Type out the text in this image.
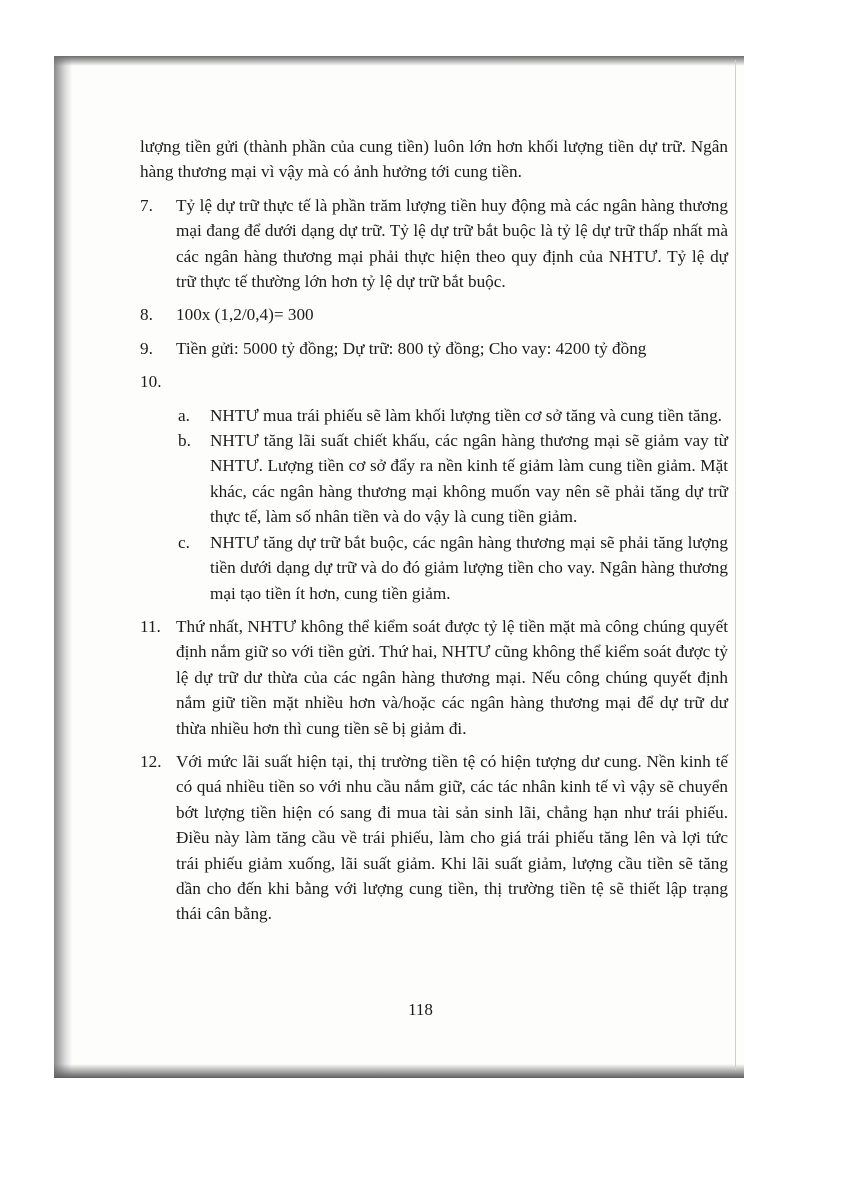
lượng tiền gửi (thành phần của cung tiền) luôn lớn hơn khối lượng tiền dự trữ. Ngân hàng thương mại vì vậy mà có ảnh hưởng tới cung tiền.
7.	Tỷ lệ dự trữ thực tế là phần trăm lượng tiền huy động mà các ngân hàng thương mại đang để dưới dạng dự trữ. Tỷ lệ dự trữ bắt buộc là tỷ lệ dự trữ thấp nhất mà các ngân hàng thương mại phải thực hiện theo quy định của NHTƯ. Tỷ lệ dự trữ thực tế thường lớn hơn tỷ lệ dự trữ bắt buộc.
8.	100x (1,2/0,4)= 300
9.	Tiền gửi: 5000 tỷ đồng; Dự trữ: 800 tỷ đồng; Cho vay: 4200 tỷ đồng
10.
a.	NHTƯ mua trái phiếu sẽ làm khối lượng tiền cơ sở tăng và cung tiền tăng.
b.	NHTƯ tăng lãi suất chiết khấu, các ngân hàng thương mại sẽ giảm vay từ NHTƯ. Lượng tiền cơ sở đẩy ra nền kinh tế giảm làm cung tiền giảm. Mặt khác, các ngân hàng thương mại không muốn vay nên sẽ phải tăng dự trữ thực tế, làm số nhân tiền và do vậy là cung tiền giảm.
c.	NHTƯ tăng dự trữ bắt buộc, các ngân hàng thương mại sẽ phải tăng lượng tiền dưới dạng dự trữ và do đó giảm lượng tiền cho vay. Ngân hàng thương mại tạo tiền ít hơn, cung tiền giảm.
11. Thứ nhất, NHTƯ không thể kiểm soát được tỷ lệ tiền mặt mà công chúng quyết định nắm giữ so với tiền gửi. Thứ hai, NHTƯ cũng không thể kiểm soát được tỷ lệ dự trữ dư thừa của các ngân hàng thương mại. Nếu công chúng quyết định nắm giữ tiền mặt nhiều hơn và/hoặc các ngân hàng thương mại để dự trữ dư thừa nhiều hơn thì cung tiền sẽ bị giảm đi.
12. Với mức lãi suất hiện tại, thị trường tiền tệ có hiện tượng dư cung. Nền kinh tế có quá nhiều tiền so với nhu cầu nắm giữ, các tác nhân kinh tế vì vậy sẽ chuyển bớt lượng tiền hiện có sang đi mua tài sản sinh lãi, chẳng hạn như trái phiếu. Điều này làm tăng cầu về trái phiếu, làm cho giá trái phiếu tăng lên và lợi tức trái phiếu giảm xuống, lãi suất giảm. Khi lãi suất giảm, lượng cầu tiền sẽ tăng dần cho đến khi bằng với lượng cung tiền, thị trường tiền tệ sẽ thiết lập trạng thái cân bằng.
118
